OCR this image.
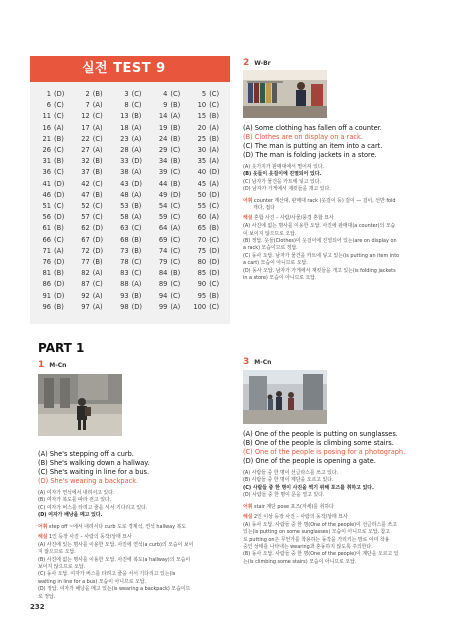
실전 TEST 9
1 (D)	2 (B)	3 (C)	4 (C)	5 (C)
6 (C)	7 (A)	8 (C)	9 (B)	10 (C)
11 (C)	12 (C)	13 (B)	14 (A)	15 (B)
16 (A)	17 (A)	18 (A)	19 (B)	20 (A)
21 (B)	22 (C)	23 (A)	24 (B)	25 (B)
26 (C)	27 (A)	28 (A)	29 (C)	30 (A)
31 (B)	32 (B)	33 (D)	34 (B)	35 (A)
36 (C)	37 (B)	38 (A)	39 (C)	40 (D)
41 (D)	42 (C)	43 (D)	44 (B)	45 (A)
46 (D)	47 (B)	48 (A)	49 (D)	50 (D)
51 (C)	52 (C)	53 (B)	54 (C)	55 (C)
56 (D)	57 (C)	58 (A)	59 (C)	60 (A)
61 (B)	62 (D)	63 (C)	64 (A)	65 (B)
66 (C)	67 (D)	68 (B)	69 (C)	70 (C)
71 (A)	72 (D)	73 (B)	74 (C)	75 (D)
76 (D)	77 (B)	78 (C)	79 (C)	80 (D)
81 (B)	82 (A)	83 (C)	84 (B)	85 (D)
86 (D)	87 (C)	88 (A)	89 (C)	90 (C)
91 (D)	92 (A)	93 (B)	94 (C)	95 (B)
96 (B)	97 (A)	98 (D)	99 (A)	100 (C)
PART 1
1 M-Cn
(A) She's stepping off a curb.
(B) She's walking down a hallway.
(C) She's waiting in line for a bus.
(D) She's wearing a backpack.
(A) 여자가 연석에서 내려서고 있다.
(B) 여자가 복도를 따라 걷고 있다.
(C) 여자가 버스를 타려고 줄을 서서 기다리고 있다.
(D) 여자가 배낭을 메고 있다.
어휘 step off ~에서 내려서다 curb 도로 경계석, 연석 hallway 복도
해설 1인 등장 사진 – 사람의 동작/상태 묘사
(A) 사진에 있는 명사를 이용한 오답. 사진에 연석(a curb)의 모습이 보이
지 않으므로 오답.
(B) 사진에 없는 명사를 이용한 오답. 사진에 복도(a hallway)의 모습이
보이지 않으므로 오답.
(C) 동사 오답. 여자가 버스를 타려고 줄을 서서 기다리고 있는(is
waiting in line for a bus) 모습이 아니므로 오답.
(D) 정답. 여자가 배낭을 메고 있는(is wearing a backpack) 모습이므
로 정답.
2 W-Br
(A) Some clothing has fallen off a counter.
(B) Clothes are on display on a rack.
(C) The man is putting an item into a cart.
(D) The man is folding jackets in a store.
(A) 옷가지가 판매대에서 떨어져 있다.
(B) 옷들이 옷걸이에 진열되어 있다.
(C) 남자가 물건을 카트에 넣고 있다.
(D) 남자가 가게에서 재킷들을 개고 있다.
어휘 counter 계산대, 판매대 rack (옷걸이 등) 걸이 — 걸이, 선반 fold
개다, 접다
해설 혼합 사진 – 사람/사물/풍경 혼합 묘사
(A) 사진에 없는 명사를 이용한 오답. 사진에 판매대(a counter)의 모습
이 보이지 않으므로 오답.
(B) 정답. 옷들(Clothes)이 옷걸이에 진열되어 있는(are on display on
a rack) 모습이므로 정답.
(C) 동사 오답. 남자가 물건을 카트에 넣고 있는(is putting an item into
a cart) 모습이 아니므로 오답.
(D) 동사 오답. 남자가 가게에서 재킷들을 개고 있는(is folding jackets
in a store) 모습이 아니므로 오답.
3 M-Cn
(A) One of the people is putting on sunglasses.
(B) One of the people is climbing some stairs.
(C) One of the people is posing for a photograph.
(D) One of the people is opening a gate.
(A) 사람들 중 한 명이 선글라스를 쓰고 있다.
(B) 사람들 중 한 명이 계단을 오르고 있다.
(C) 사람들 중 한 명이 사진을 찍기 위해 포즈를 취하고 있다.
(D) 사람들 중 한 명이 문을 열고 있다.
어휘 stair 계단 pose 포즈(자세)를 취하다
해설 2인 이상 등장 사진 – 사람의 동작/상태 묘사
(A) 동사 오답. 사람들 중 한 명(One of the people)이 선글라스를 쓰고
있는(is putting on some sunglasses) 모습이 아니므로 오답. 참고
로 putting on은 무언가를 착용하는 동작을 가리키는 말로 이미 착용
중인 상태를 나타내는 wearing과 혼동하지 않도록 주의한다.
(B) 동사 오답. 사람들 중 한 명(One of the people)이 계단을 오르고 있
는(is climbing some stairs) 모습이 아니므로 오답.
232
